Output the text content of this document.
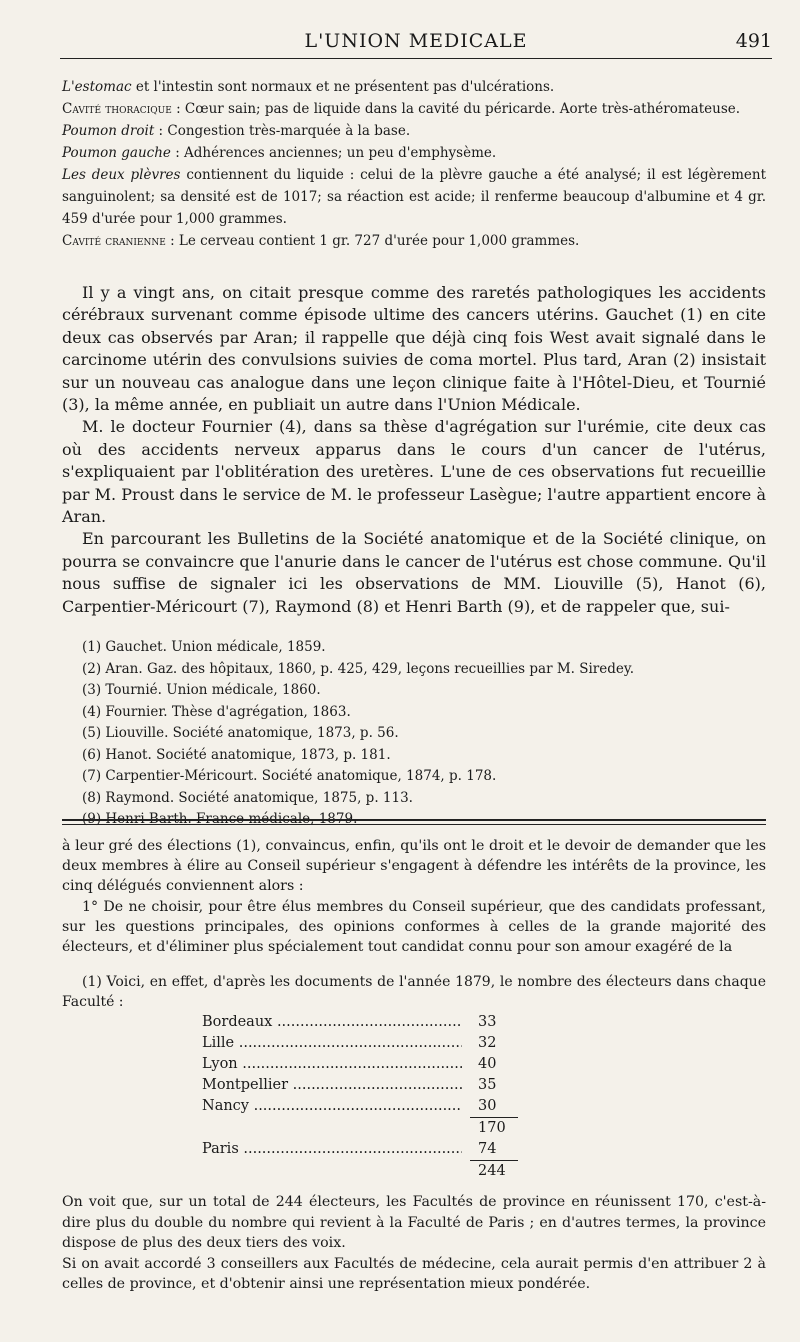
L'UNION MEDICALE	491

L'estomac et l'intestin sont normaux et ne présentent pas d'ulcérations.

Cavité thoracique : Cœur sain; pas de liquide dans la cavité du péricarde. Aorte très-athéromateuse.

Poumon droit : Congestion très-marquée à la base.

Poumon gauche : Adhérences anciennes; un peu d'emphysème.

Les deux plèvres contiennent du liquide : celui de la plèvre gauche a été analysé; il est légèrement sanguinolent; sa densité est de 1017; sa réaction est acide; il renferme beaucoup d'albumine et 4 gr. 459 d'urée pour 1,000 grammes.

Cavité cranienne : Le cerveau contient 1 gr. 727 d'urée pour 1,000 grammes.

Il y a vingt ans, on citait presque comme des raretés pathologiques les accidents cérébraux survenant comme épisode ultime des cancers utérins. Gauchet (1) en cite deux cas observés par Aran; il rappelle que déjà cinq fois West avait signalé dans le carcinome utérin des convulsions suivies de coma mortel. Plus tard, Aran (2) insistait sur un nouveau cas analogue dans une leçon clinique faite à l'Hôtel-Dieu, et Tournié (3), la même année, en publiait un autre dans l'Union Médicale.

M. le docteur Fournier (4), dans sa thèse d'agrégation sur l'urémie, cite deux cas où des accidents nerveux apparus dans le cours d'un cancer de l'utérus, s'expliquaient par l'oblitération des uretères. L'une de ces observations fut recueillie par M. Proust dans le service de M. le professeur Lasègue; l'autre appartient encore à Aran.

En parcourant les Bulletins de la Société anatomique et de la Société clinique, on pourra se convaincre que l'anurie dans le cancer de l'utérus est chose commune. Qu'il nous suffise de signaler ici les observations de MM. Liouville (5), Hanot (6), Carpentier-Méricourt (7), Raymond (8) et Henri Barth (9), et de rappeler que, sui-

(1) Gauchet. Union médicale, 1859.
(2) Aran. Gaz. des hôpitaux, 1860, p. 425, 429, leçons recueillies par M. Siredey.
(3) Tournié. Union médicale, 1860.
(4) Fournier. Thèse d'agrégation, 1863.
(5) Liouville. Société anatomique, 1873, p. 56.
(6) Hanot. Société anatomique, 1873, p. 181.
(7) Carpentier-Méricourt. Société anatomique, 1874, p. 178.
(8) Raymond. Société anatomique, 1875, p. 113.
(9) Henri Barth. France médicale, 1879.

à leur gré des élections (1), convaincus, enfin, qu'ils ont le droit et le devoir de demander que les deux membres à élire au Conseil supérieur s'engagent à défendre les intérêts de la province, les cinq délégués conviennent alors :

1° De ne choisir, pour être élus membres du Conseil supérieur, que des candidats professant, sur les questions principales, des opinions conformes à celles de la grande majorité des électeurs, et d'éliminer plus spécialement tout candidat connu pour son amour exagéré de la

(1) Voici, en effet, d'après les documents de l'année 1879, le nombre des électeurs dans chaque Faculté :

Bordeaux .....	33
Lille .....	32
Lyon .....	40
Montpellier .....	35
Nancy .....	30
170
Paris .....	74
244

On voit que, sur un total de 244 électeurs, les Facultés de province en réunissent 170, c'est-à-dire plus du double du nombre qui revient à la Faculté de Paris ; en d'autres termes, la province dispose de plus des deux tiers des voix.

Si on avait accordé 3 conseillers aux Facultés de médecine, cela aurait permis d'en attribuer 2 à celles de province, et d'obtenir ainsi une représentation mieux pondérée.
